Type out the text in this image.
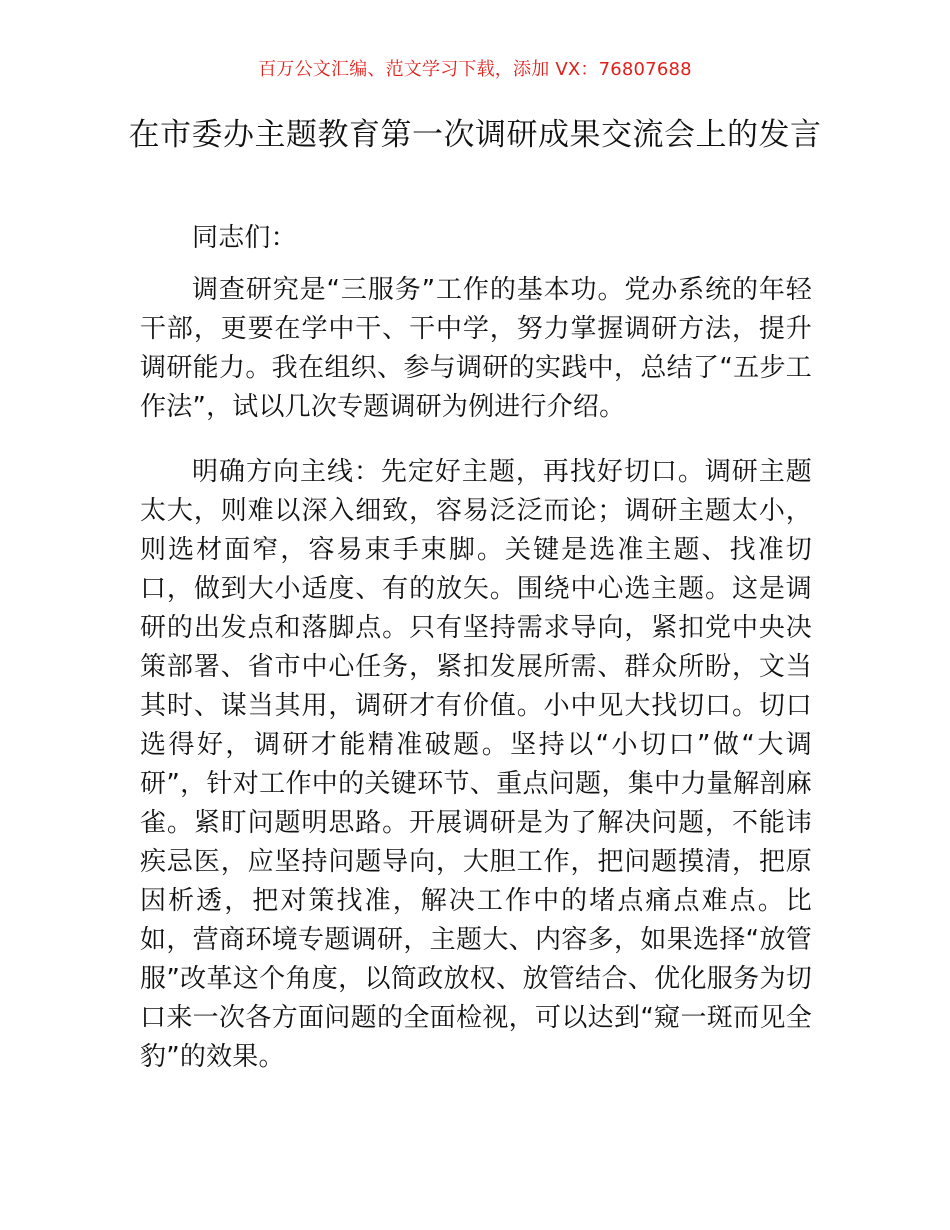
百万公文汇编、范文学习下载，添加 VX：76807688
在市委办主题教育第一次调研成果交流会上的发言
同志们：
调查研究是“三服务”工作的基本功。党办系统的年轻干部，更要在学中干、干中学，努力掌握调研方法，提升调研能力。我在组织、参与调研的实践中，总结了“五步工作法”，试以几次专题调研为例进行介绍。
明确方向主线：先定好主题，再找好切口。调研主题太大，则难以深入细致，容易泛泛而论；调研主题太小，则选材面窄，容易束手束脚。关键是选准主题、找准切口，做到大小适度、有的放矢。围绕中心选主题。这是调研的出发点和落脚点。只有坚持需求导向，紧扣党中央决策部署、省市中心任务，紧扣发展所需、群众所盼，文当其时、谋当其用，调研才有价值。小中见大找切口。切口选得好，调研才能精准破题。坚持以“小切口”做“大调研”，针对工作中的关键环节、重点问题，集中力量解剖麻雀。紧盯问题明思路。开展调研是为了解决问题，不能讳疾忌医，应坚持问题导向，大胆工作，把问题摸清，把原因析透，把对策找准，解决工作中的堵点痛点难点。比如，营商环境专题调研，主题大、内容多，如果选择“放管服”改革这个角度，以简政放权、放管结合、优化服务为切口来一次各方面问题的全面检视，可以达到“窥一斑而见全豹”的效果。
